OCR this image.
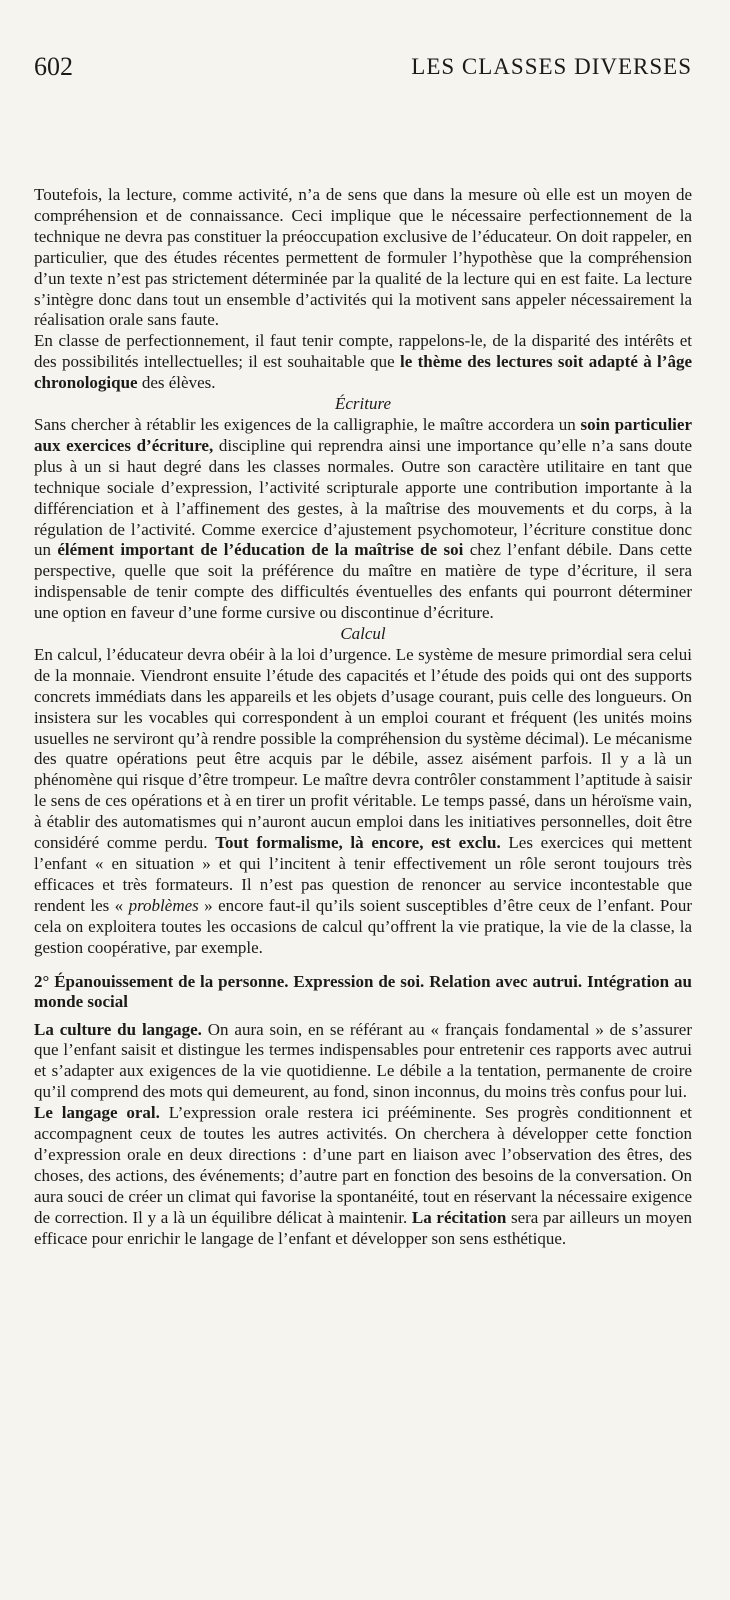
602	LES CLASSES DIVERSES

Toutefois, la lecture, comme activité, n’a de sens que dans la mesure où elle est un moyen de compréhension et de connaissance. Ceci implique que le nécessaire perfectionnement de la technique ne devra pas constituer la préoccupation exclusive de l’éducateur. On doit rappeler, en particulier, que des études récentes permettent de formuler l’hypothèse que la compréhension d’un texte n’est pas strictement déterminée par la qualité de la lecture qui en est faite. La lecture s’intègre donc dans tout un ensemble d’activités qui la motivent sans appeler nécessairement la réalisation orale sans faute.

En classe de perfectionnement, il faut tenir compte, rappelons-le, de la disparité des intérêts et des possibilités intellectuelles; il est souhaitable que le thème des lectures soit adapté à l’âge chronologique des élèves.

Écriture

Sans chercher à rétablir les exigences de la calligraphie, le maître accordera un soin particulier aux exercices d’écriture, discipline qui reprendra ainsi une importance qu’elle n’a sans doute plus à un si haut degré dans les classes normales. Outre son caractère utilitaire en tant que technique sociale d’expression, l’activité scripturale apporte une contribution importante à la différenciation et à l’affinement des gestes, à la maîtrise des mouvements et du corps, à la régulation de l’activité. Comme exercice d’ajustement psychomoteur, l’écriture constitue donc un élément important de l’éducation de la maîtrise de soi chez l’enfant débile. Dans cette perspective, quelle que soit la préférence du maître en matière de type d’écriture, il sera indispensable de tenir compte des difficultés éventuelles des enfants qui pourront déterminer une option en faveur d’une forme cursive ou discontinue d’écriture.

Calcul

En calcul, l’éducateur devra obéir à la loi d’urgence. Le système de mesure primordial sera celui de la monnaie. Viendront ensuite l’étude des capacités et l’étude des poids qui ont des supports concrets immédiats dans les appareils et les objets d’usage courant, puis celle des longueurs. On insistera sur les vocables qui correspondent à un emploi courant et fréquent (les unités moins usuelles ne serviront qu’à rendre possible la compréhension du système décimal). Le mécanisme des quatre opérations peut être acquis par le débile, assez aisément parfois. Il y a là un phénomène qui risque d’être trompeur. Le maître devra contrôler constamment l’aptitude à saisir le sens de ces opérations et à en tirer un profit véritable. Le temps passé, dans un héroïsme vain, à établir des automatismes qui n’auront aucun emploi dans les initiatives personnelles, doit être considéré comme perdu. Tout formalisme, là encore, est exclu. Les exercices qui mettent l’enfant « en situation » et qui l’incitent à tenir effectivement un rôle seront toujours très efficaces et très formateurs. Il n’est pas question de renoncer au service incontestable que rendent les « problèmes » encore faut-il qu’ils soient susceptibles d’être ceux de l’enfant. Pour cela on exploitera toutes les occasions de calcul qu’offrent la vie pratique, la vie de la classe, la gestion coopérative, par exemple.

2° Épanouissement de la personne. Expression de soi. Relation avec autrui. Intégration au monde social

La culture du langage. On aura soin, en se référant au « français fondamental » de s’assurer que l’enfant saisit et distingue les termes indispensables pour entretenir ces rapports avec autrui et s’adapter aux exigences de la vie quotidienne. Le débile a la tentation, permanente de croire qu’il comprend des mots qui demeurent, au fond, sinon inconnus, du moins très confus pour lui.

Le langage oral. L’expression orale restera ici prééminente. Ses progrès conditionnent et accompagnent ceux de toutes les autres activités. On cherchera à développer cette fonction d’expression orale en deux directions : d’une part en liaison avec l’observation des êtres, des choses, des actions, des événements; d’autre part en fonction des besoins de la conversation. On aura souci de créer un climat qui favorise la spontanéité, tout en réservant la nécessaire exigence de correction. Il y a là un équilibre délicat à maintenir. La récitation sera par ailleurs un moyen efficace pour enrichir le langage de l’enfant et développer son sens esthétique.
